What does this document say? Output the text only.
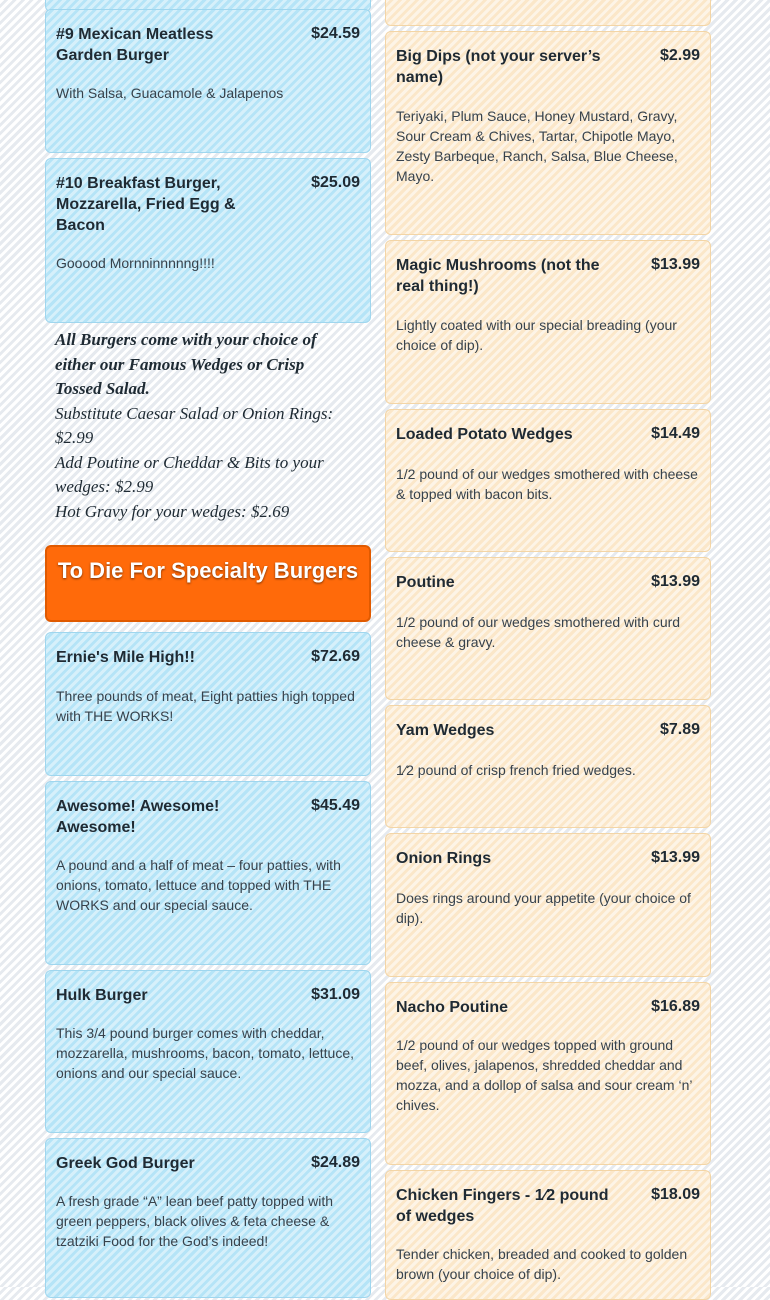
#9 Mexican Meatless Garden Burger
$24.59
With Salsa, Guacamole & Jalapenos
#10 Breakfast Burger, Mozzarella, Fried Egg & Bacon
$25.09
Gooood Mornninnnnng!!!!
All Burgers come with your choice of either our Famous Wedges or Crisp Tossed Salad.
Substitute Caesar Salad or Onion Rings: $2.99
Add Poutine or Cheddar & Bits to your wedges: $2.99
Hot Gravy for your wedges: $2.69
To Die For Specialty Burgers
Ernie's Mile High!!	$72.69
Three pounds of meat, Eight patties high topped with THE WORKS!
Awesome! Awesome! Awesome!
$45.49
A pound and a half of meat – four patties, with onions, tomato, lettuce and topped with THE WORKS and our special sauce.
Hulk Burger	$31.09
This 3/4 pound burger comes with cheddar, mozzarella, mushrooms, bacon, tomato, lettuce, onions and our special sauce.
Greek God Burger	$24.89
A fresh grade “A” lean beef patty topped with green peppers, black olives & feta cheese & tzatziki Food for the God’s indeed!
Big Dips (not your server’s name)
$2.99
Teriyaki, Plum Sauce, Honey Mustard, Gravy, Sour Cream & Chives, Tartar, Chipotle Mayo, Zesty Barbeque, Ranch, Salsa, Blue Cheese, Mayo.
Magic Mushrooms (not the real thing!)
$13.99
Lightly coated with our special breading (your choice of dip).
Loaded Potato Wedges	$14.49
1/2 pound of our wedges smothered with cheese & topped with bacon bits.
Poutine	$13.99
1/2 pound of our wedges smothered with curd cheese & gravy.
Yam Wedges	$7.89
1⁄2 pound of crisp french fried wedges.
Onion Rings	$13.99
Does rings around your appetite (your choice of dip).
Nacho Poutine	$16.89
1/2 pound of our wedges topped with ground beef, olives, jalapenos, shredded cheddar and mozza, and a dollop of salsa and sour cream ‘n’ chives.
Chicken Fingers - 1⁄2 pound of wedges
$18.09
Tender chicken, breaded and cooked to golden brown (your choice of dip).
